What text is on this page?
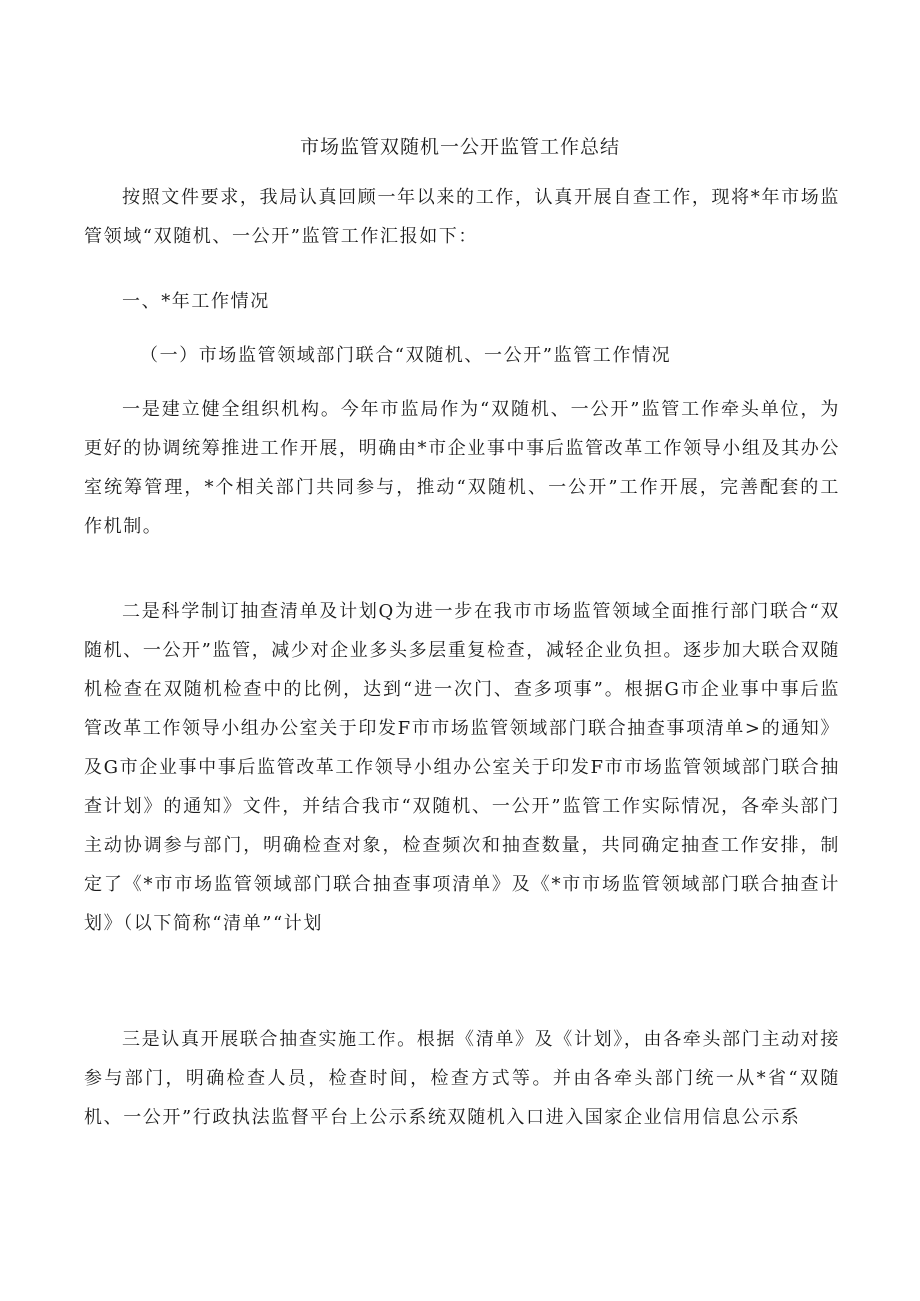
市场监管双随机一公开监管工作总结

按照文件要求，我局认真回顾一年以来的工作，认真开展自查工作，现将*年市场监管领域“双随机、一公开”监管工作汇报如下：

一、*年工作情况

（一）市场监管领域部门联合“双随机、一公开”监管工作情况

一是建立健全组织机构。今年市监局作为“双随机、一公开”监管工作牵头单位，为更好的协调统筹推进工作开展，明确由*市企业事中事后监管改革工作领导小组及其办公室统筹管理，*个相关部门共同参与，推动“双随机、一公开”工作开展，完善配套的工作机制。

二是科学制订抽查清单及计划Q为进一步在我市市场监管领域全面推行部门联合“双随机、一公开”监管，减少对企业多头多层重复检查，减轻企业负担。逐步加大联合双随机检查在双随机检查中的比例，达到“进一次门、查多项事”。根据G市企业事中事后监管改革工作领导小组办公室关于印发F市市场监管领域部门联合抽查事项清单>的通知》及G市企业事中事后监管改革工作领导小组办公室关于印发F市市场监管领域部门联合抽查计划》的通知》文件，并结合我市“双随机、一公开”监管工作实际情况，各牵头部门主动协调参与部门，明确检查对象，检查频次和抽查数量，共同确定抽查工作安排，制定了《*市市场监管领域部门联合抽查事项清单》及《*市市场监管领域部门联合抽查计划》（以下简称“清单”“计划

三是认真开展联合抽查实施工作。根据《清单》及《计划》，由各牵头部门主动对接参与部门，明确检查人员，检查时间，检查方式等。并由各牵头部门统一从*省“双随机、一公开”行政执法监督平台上公示系统双随机入口进入国家企业信用信息公示系
